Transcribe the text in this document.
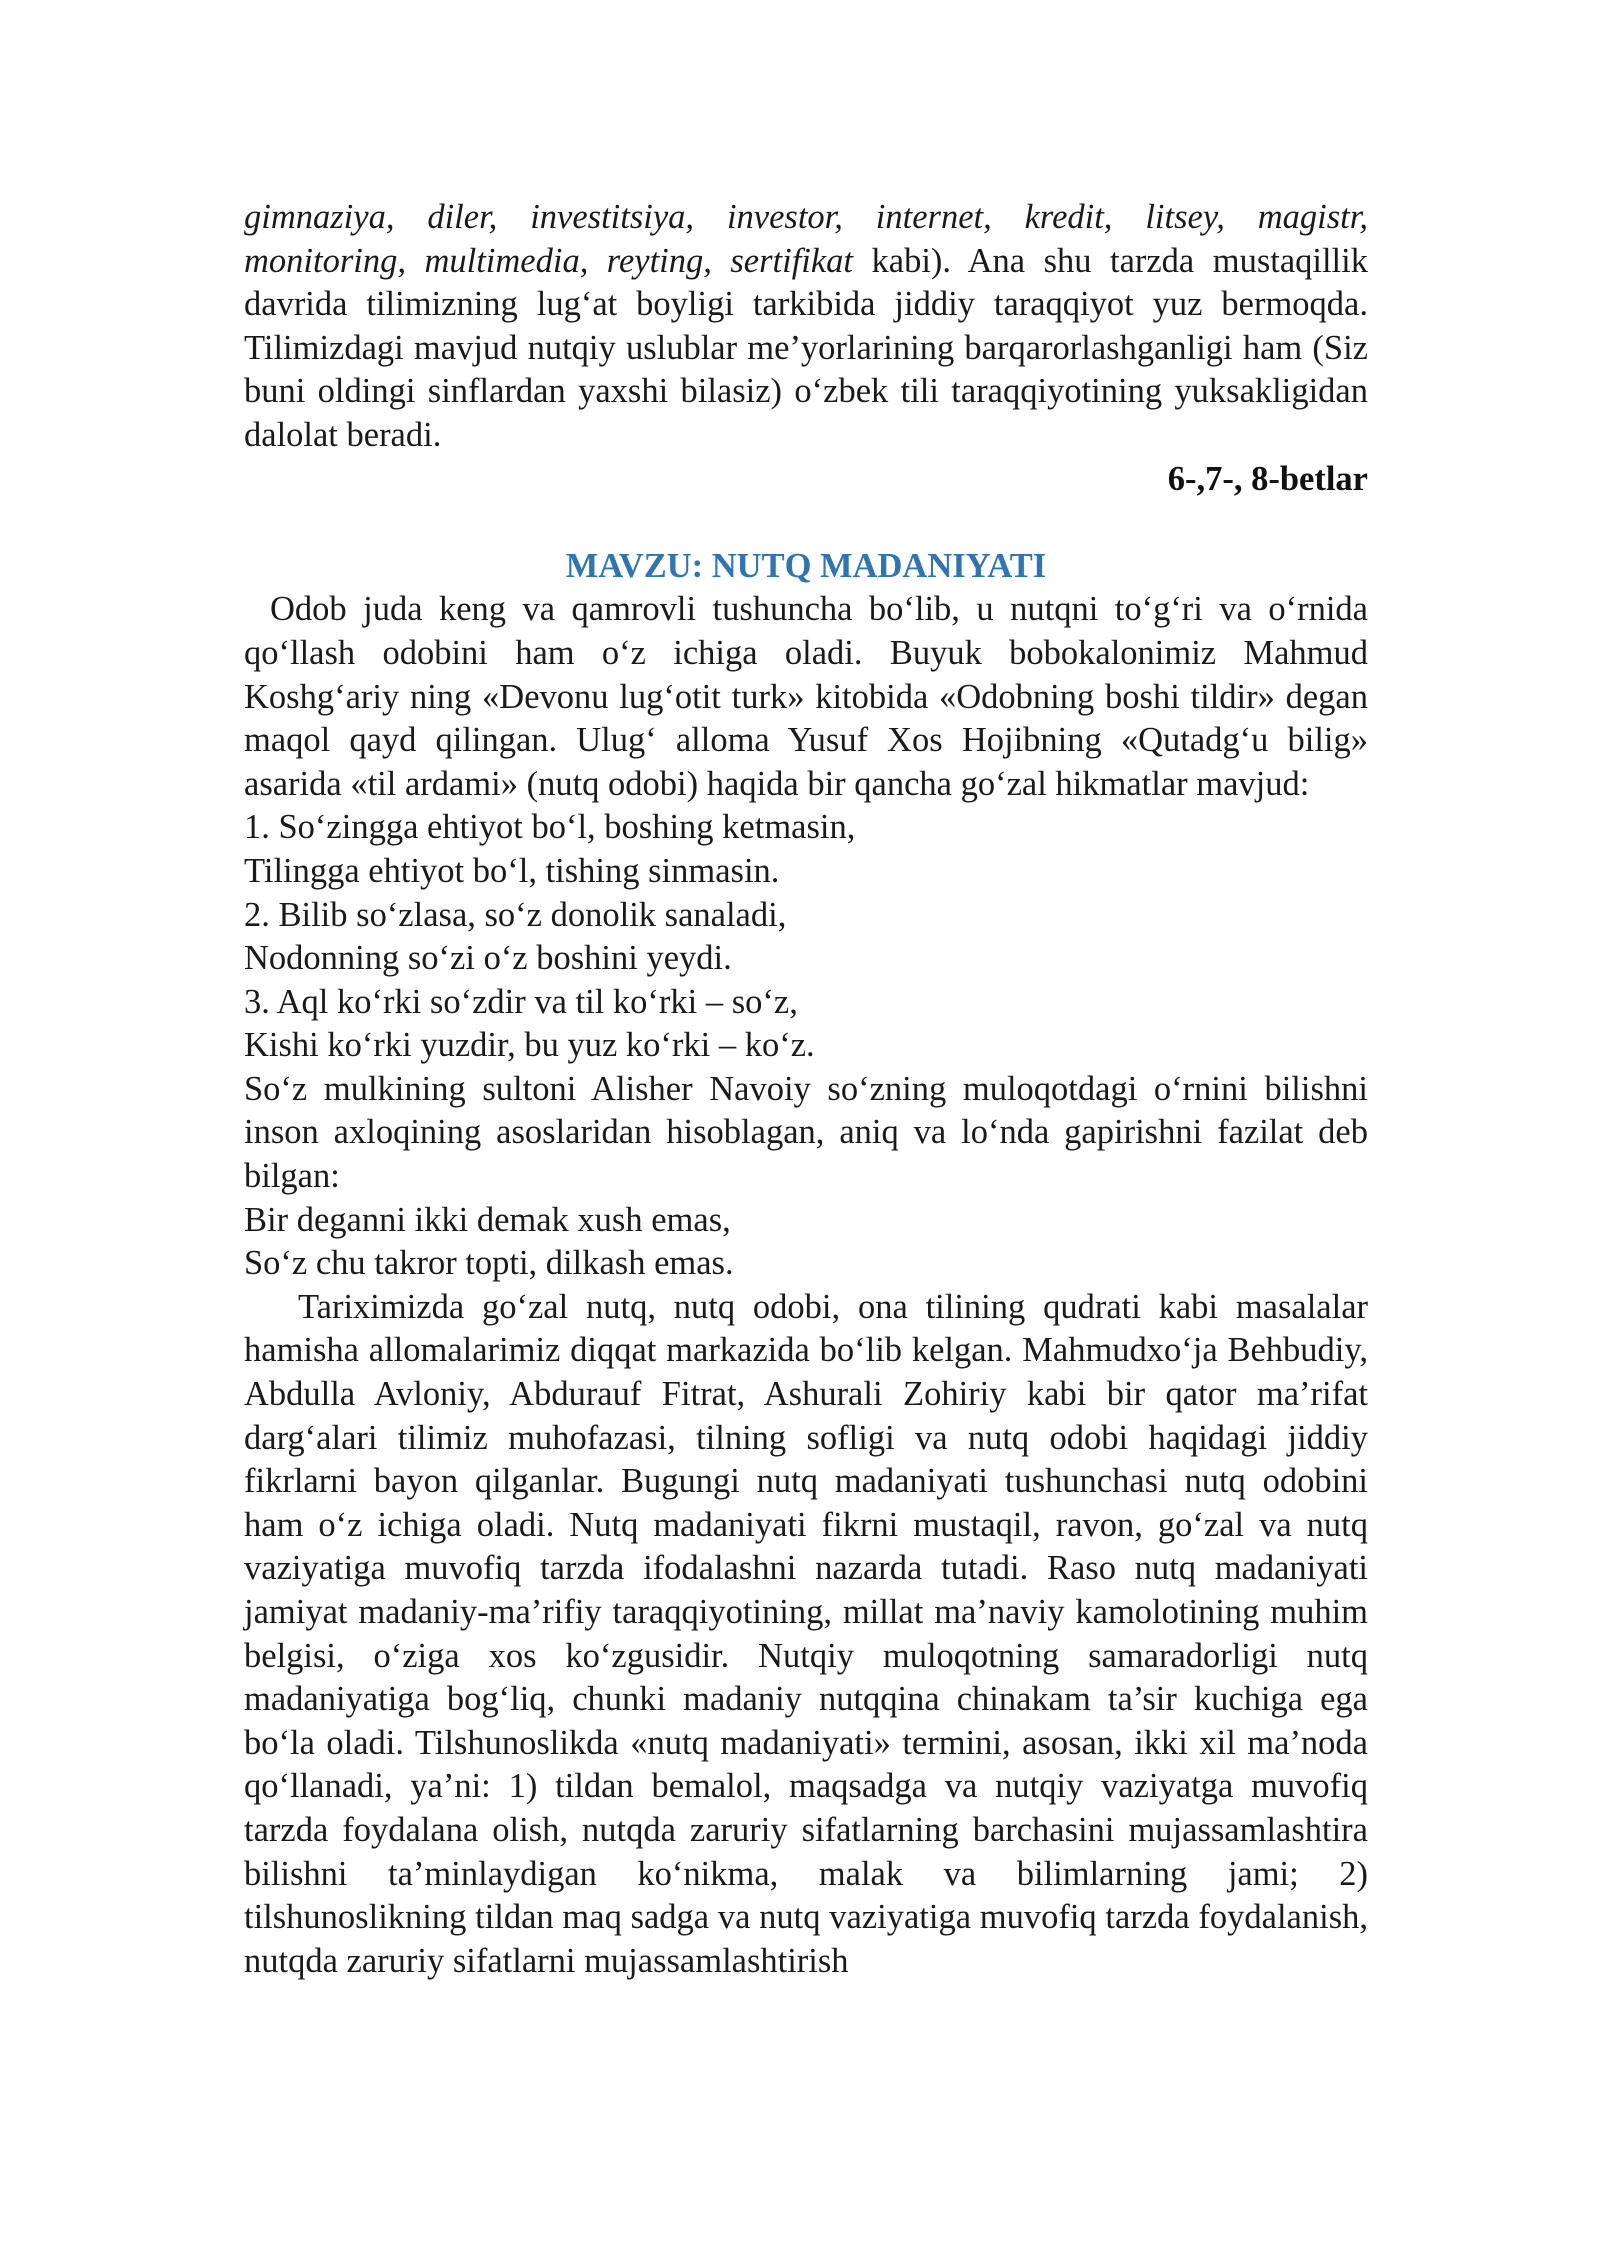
gimnaziya, diler, investitsiya, investor, internet, kredit, litsey, magistr, monitoring, multimedia, reyting, sertifikat kabi). Ana shu tarzda mustaqillik davrida tilimizning lug‘at boyligi tarkibida jiddiy taraqqiyot yuz bermoqda. Tilimizdagi mavjud nutqiy uslublar me’yorlarining barqarorlashganligi ham (Siz buni oldingi sinflardan yaxshi bilasiz) o‘zbek tili taraqqiyotining yuksakligidan dalolat beradi.

6-,7-, 8-betlar

MAVZU: NUTQ MADANIYATI

Odob juda keng va qamrovli tushuncha bo‘lib, u nutqni to‘g‘ri va o‘rnida qo‘llash odobini ham o‘z ichiga oladi. Buyuk bobokalonimiz Mahmud Koshg‘ariy ning «Devonu lug‘otit turk» kitobida «Odobning boshi tildir» degan maqol qayd qilingan. Ulug‘ alloma Yusuf Xos Hojibning «Qutadg‘u bilig» asarida «til ardami» (nutq odobi) haqida bir qancha go‘zal hikmatlar mavjud:

1. So‘zingga ehtiyot bo‘l, boshing ketmasin,

Tilingga ehtiyot bo‘l, tishing sinmasin.

2. Bilib so‘zlasa, so‘z donolik sanaladi,

Nodonning so‘zi o‘z boshini yeydi.

3. Aql ko‘rki so‘zdir va til ko‘rki – so‘z,

Kishi ko‘rki yuzdir, bu yuz ko‘rki – ko‘z.

So‘z mulkining sultoni Alisher Navoiy so‘zning muloqotdagi o‘rnini bilishni inson axloqining asoslaridan hisoblagan, aniq va lo‘nda gapirishni fazilat deb bilgan:

Bir deganni ikki demak xush emas,

So‘z chu takror topti, dilkash emas.

Tariximizda go‘zal nutq, nutq odobi, ona tilining qudrati kabi masalalar hamisha allomalarimiz diqqat markazida bo‘lib kelgan. Mahmudxo‘ja Behbudiy, Abdulla Avloniy, Abdurauf Fitrat, Ashurali Zohiriy kabi bir qator ma’rifat darg‘alari tilimiz muhofazasi, tilning sofligi va nutq odobi haqidagi jiddiy fikrlarni bayon qilganlar. Bugungi nutq madaniyati tushunchasi nutq odobini ham o‘z ichiga oladi. Nutq madaniyati fikrni mustaqil, ravon, go‘zal va nutq vaziyatiga muvofiq tarzda ifodalashni nazarda tutadi. Raso nutq madaniyati jamiyat madaniy-ma’rifiy taraqqiyotining, millat ma’naviy kamolotining muhim belgisi, o‘ziga xos ko‘zgusidir. Nutqiy muloqotning samaradorligi nutq madaniyatiga bog‘liq, chunki madaniy nutqqina chinakam ta’sir kuchiga ega bo‘la oladi. Tilshunoslikda «nutq madaniyati» termini, asosan, ikki xil ma’noda qo‘llanadi, ya’ni: 1) tildan bemalol, maqsadga va nutqiy vaziyatga muvofiq tarzda foydalana olish, nutqda zaruriy sifatlarning barchasini mujassamlashtira bilishni ta’minlaydigan ko‘nikma, malak va bilimlarning jami; 2) tilshunoslikning tildan maq sadga va nutq vaziyatiga muvofiq tarzda foydalanish, nutqda zaruriy sifatlarni mujassamlashtirish
